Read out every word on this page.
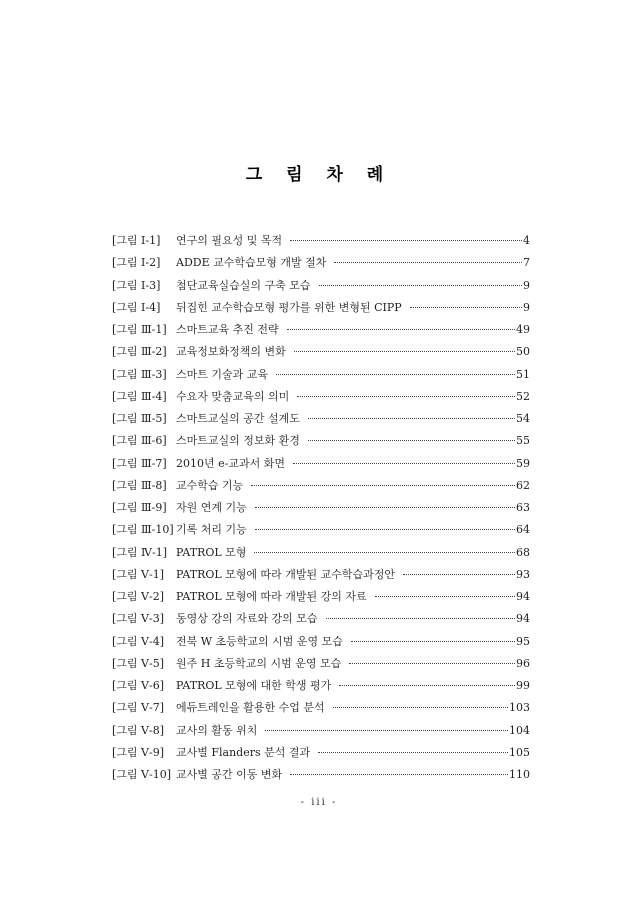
그 림 차 례
[그림 Ⅰ-1]	연구의 필요성 및 목적	4
[그림 Ⅰ-2]	ADDE 교수학습모형 개발 절차	7
[그림 Ⅰ-3]	첨단교육실습실의 구축 모습	9
[그림 Ⅰ-4]	뒤집힌 교수학습모형 평가를 위한 변형된 CIPP	9
[그림 Ⅲ-1] 스마트교육 추진 전략	49
[그림 Ⅲ-2] 교육정보화정책의 변화	50
[그림 Ⅲ-3] 스마트 기술과 교육	51
[그림 Ⅲ-4] 수요자 맞춤교육의 의미	52
[그림 Ⅲ-5] 스마트교실의 공간 설계도	54
[그림 Ⅲ-6] 스마트교실의 정보화 환경	55
[그림 Ⅲ-7] 2010년 e-교과서 화면	59
[그림 Ⅲ-8] 교수학습 기능	62
[그림 Ⅲ-9] 자원 연계 기능	63
[그림 Ⅲ-10] 기록 처리 기능	64
[그림 Ⅳ-1] PATROL 모형	68
[그림 Ⅴ-1]	PATROL 모형에 따라 개발된 교수학습과정안	93
[그림 Ⅴ-2]	PATROL 모형에 따라 개발된 강의 자료	94
[그림 Ⅴ-3]	동영상 강의 자료와 강의 모습	94
[그림 Ⅴ-4]	전북 W 초등학교의 시범 운영 모습	95
[그림 Ⅴ-5]	원주 H 초등학교의 시범 운영 모습	96
[그림 Ⅴ-6]	PATROL 모형에 대한 학생 평가	99
[그림 Ⅴ-7]	에듀트레인을 활용한 수업 분석	103
[그림 Ⅴ-8]	교사의 활동 위치	104
[그림 Ⅴ-9]	교사별 Flanders 분석 결과	105
[그림 Ⅴ-10] 교사별 공간 이동 변화	110
- iii -
